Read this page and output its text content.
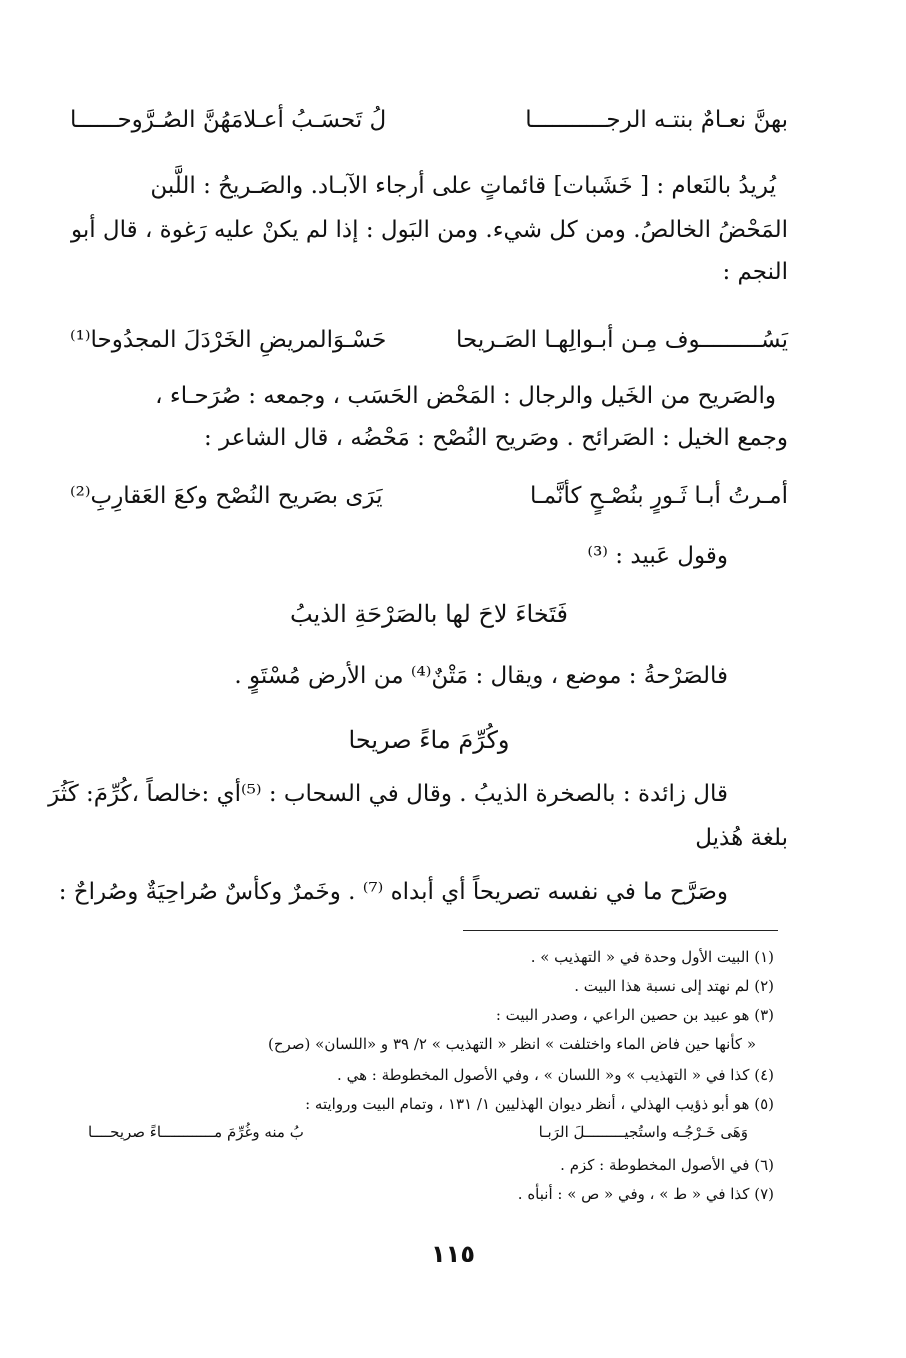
بهنَّ نعـامٌ بنتـه الرجـــــــــــا
لُ تَحسَـبُ أعـلامَهُنَّ الصُـرَّوحــــــا
يُريدُ بالنَعام : [ خَشَبات] قائماتٍ على أرجاء الآبـاد. والصَـريحُ : اللَّبن
المَحْضُ الخالصُ. ومن كل شيء. ومن البَول : إذا لم يكنْ عليه رَغوة ، قال أبو
النجم :
يَسُـــــــــوف مِـن أبـوالِهـا الصَـريحا
حَسْـوَالمريضِ الخَرْدَلَ المجدُوحا⁽¹⁾
والصَريح من الخَيل والرجال : المَحْض الحَسَب ، وجمعه : صُرَحـاء ،
وجمع الخيل : الصَرائح . وصَريح النُصْح : مَحْضُه ، قال الشاعر :
أمـرتُ أبـا ثَـورٍ بنُصْـحٍ كأنَّمـا
يَرَى بصَريح النُصْح وكعَ العَقارِبِ⁽²⁾
وقول عَبيد : ⁽³⁾
فَتَخاءَ لاحَ لها بالصَرْحَةِ الذيبُ
فالصَرْحةُ : موضع ، ويقال : مَتْنٌ⁽⁴⁾ من الأرض مُسْتَوٍ .
وكُرِّمَ ماءً صريحا
قال زائدة : بالصخرة الذيبُ . وقال في السحاب : ⁽⁵⁾أي :خالصاً ،كُرِّمَ: كَثُرَ
بلغة هُذيل
وصَرَّح ما في نفسه تصريحاً أي أبداه ⁽⁷⁾ . وخَمرٌ وكأسٌ صُراحِيَةٌ وصُراحٌ :
(١) البيت الأول وحدة في « التهذيب » .
(٢) لم نهتد إلى نسبة هذا البيت .
(٣) هو عبيد بن حصين الراعي ، وصدر البيت :
« كأنها حين فاض الماء واختلفت » انظر « التهذيب » ٢/ ٣٩ و «اللسان» (صرح)
(٤) كذا في « التهذيب » و« اللسان » ، وفي الأصول المخطوطة : هي .
(٥) هو أبو ذؤيب الهذلي ، أنظر ديوان الهذليين ١/ ١٣١ ، وتمام البيت وروايته :
وَهَى خَـرْجُـه واستُجيـــــــــلَ الرَبـا
بُ منه وغُرِّمَ مــــــــــــاءً صريحــــا
(٦) في الأصول المخطوطة : كزم .
(٧) كذا في « ط » ، وفي « ص » : أنبأه .
١١٥
